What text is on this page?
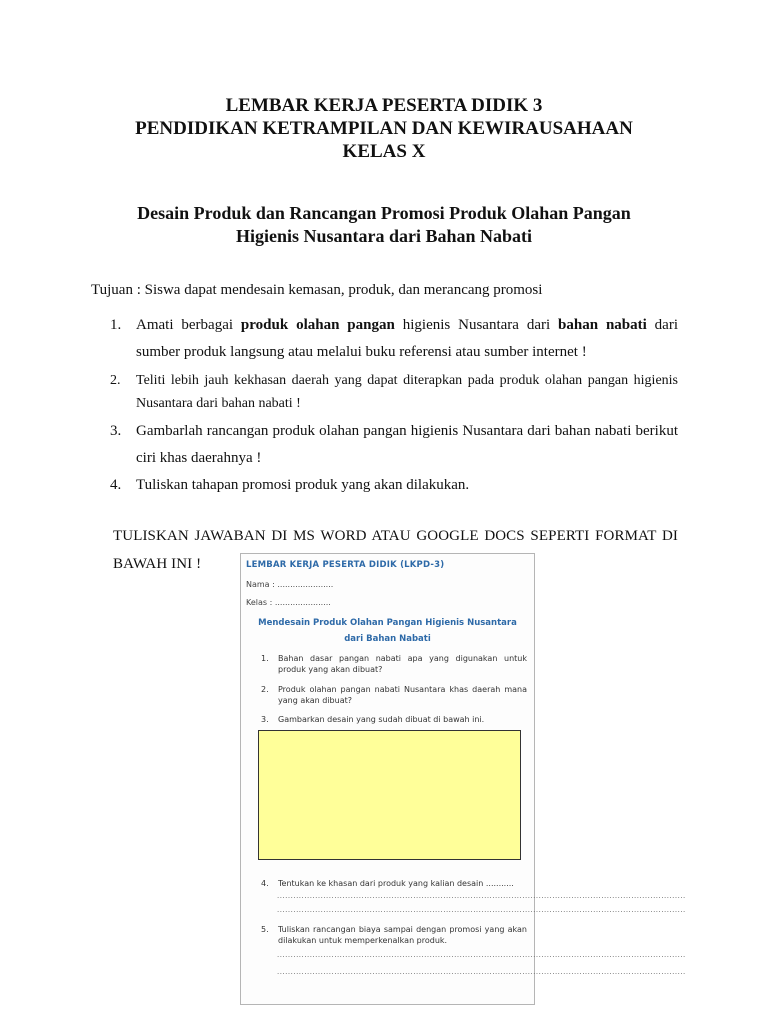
LEMBAR KERJA PESERTA DIDIK 3
PENDIDIKAN KETRAMPILAN DAN KEWIRAUSAHAAN
KELAS X
Desain Produk dan Rancangan Promosi Produk Olahan Pangan
Higienis Nusantara dari Bahan Nabati
Tujuan : Siswa dapat mendesain kemasan, produk, dan merancang promosi
1. Amati berbagai produk olahan pangan higienis Nusantara dari bahan nabati dari sumber produk langsung atau melalui buku referensi atau sumber internet !
2. Teliti lebih jauh kekhasan daerah yang dapat diterapkan pada produk olahan pangan higienis Nusantara dari bahan nabati !
3. Gambarlah rancangan produk olahan pangan higienis Nusantara dari bahan nabati berikut ciri khas daerahnya !
4. Tuliskan tahapan promosi produk yang akan dilakukan.
TULISKAN JAWABAN DI MS WORD ATAU GOOGLE DOCS SEPERTI FORMAT DI BAWAH INI !	LEMBAR KERJA PESERTA DIDIK (LKPD-3)
Nama : ......................
Kelas : ......................
Mendesain Produk Olahan Pangan Higienis Nusantara
dari Bahan Nabati
1.	Bahan dasar pangan nabati apa yang digunakan untuk produk yang akan dibuat?
2.	Produk olahan pangan nabati Nusantara khas daerah mana yang akan dibuat?
3.	Gambarkan desain yang sudah dibuat di bawah ini.
4.	Tentukan ke khasan dari produk yang kalian desain ...........
......................................................................................................................................................
......................................................................................................................................................
5.	Tuliskan rancangan biaya sampai dengan promosi yang akan dilakukan untuk memperkenalkan produk.
......................................................................................................................................................
......................................................................................................................................................
